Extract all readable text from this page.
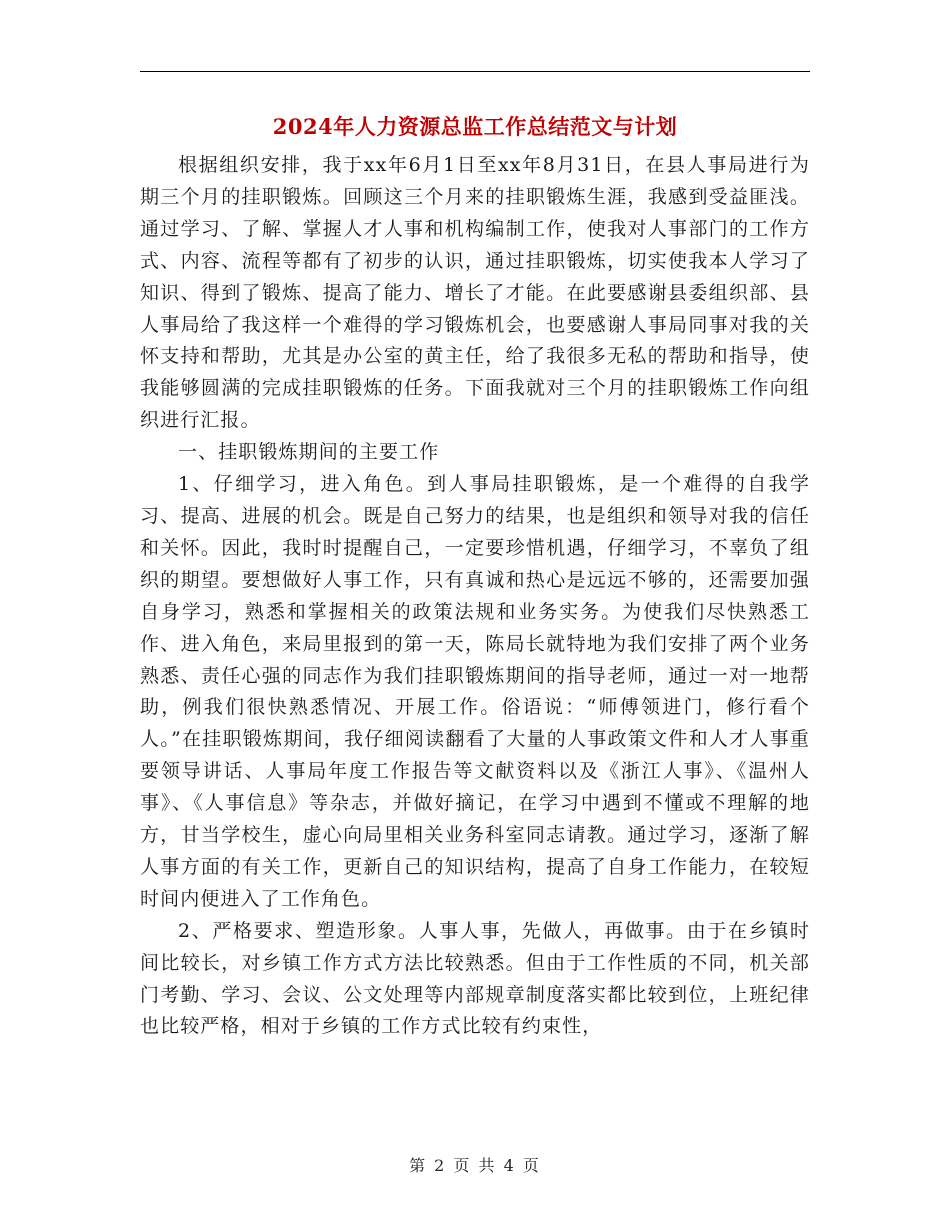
2024年人力资源总监工作总结范文与计划

根据组织安排，我于xx年6月1日至xx年8月31日，在县人事局进行为期三个月的挂职锻炼。回顾这三个月来的挂职锻炼生涯，我感到受益匪浅。通过学习、了解、掌握人才人事和机构编制工作，使我对人事部门的工作方式、内容、流程等都有了初步的认识，通过挂职锻炼，切实使我本人学习了知识、得到了锻炼、提高了能力、增长了才能。在此要感谢县委组织部、县人事局给了我这样一个难得的学习锻炼机会，也要感谢人事局同事对我的关怀支持和帮助，尤其是办公室的黄主任，给了我很多无私的帮助和指导，使我能够圆满的完成挂职锻炼的任务。下面我就对三个月的挂职锻炼工作向组织进行汇报。

一、挂职锻炼期间的主要工作

1、仔细学习，进入角色。到人事局挂职锻炼，是一个难得的自我学习、提高、进展的机会。既是自己努力的结果，也是组织和领导对我的信任和关怀。因此，我时时提醒自己，一定要珍惜机遇，仔细学习，不辜负了组织的期望。要想做好人事工作，只有真诚和热心是远远不够的，还需要加强自身学习，熟悉和掌握相关的政策法规和业务实务。为使我们尽快熟悉工作、进入角色，来局里报到的第一天，陈局长就特地为我们安排了两个业务熟悉、责任心强的同志作为我们挂职锻炼期间的指导老师，通过一对一地帮助，例我们很快熟悉情况、开展工作。俗语说：“师傅领进门，修行看个人。”在挂职锻炼期间，我仔细阅读翻看了大量的人事政策文件和人才人事重要领导讲话、人事局年度工作报告等文献资料以及《浙江人事》、《温州人事》、《人事信息》等杂志，并做好摘记，在学习中遇到不懂或不理解的地方，甘当学校生，虚心向局里相关业务科室同志请教。通过学习，逐渐了解人事方面的有关工作，更新自己的知识结构，提高了自身工作能力，在较短时间内便进入了工作角色。

2、严格要求、塑造形象。人事人事，先做人，再做事。由于在乡镇时间比较长，对乡镇工作方式方法比较熟悉。但由于工作性质的不同，机关部门考勤、学习、会议、公文处理等内部规章制度落实都比较到位，上班纪律也比较严格，相对于乡镇的工作方式比较有约束性，

第 2 页 共 4 页
